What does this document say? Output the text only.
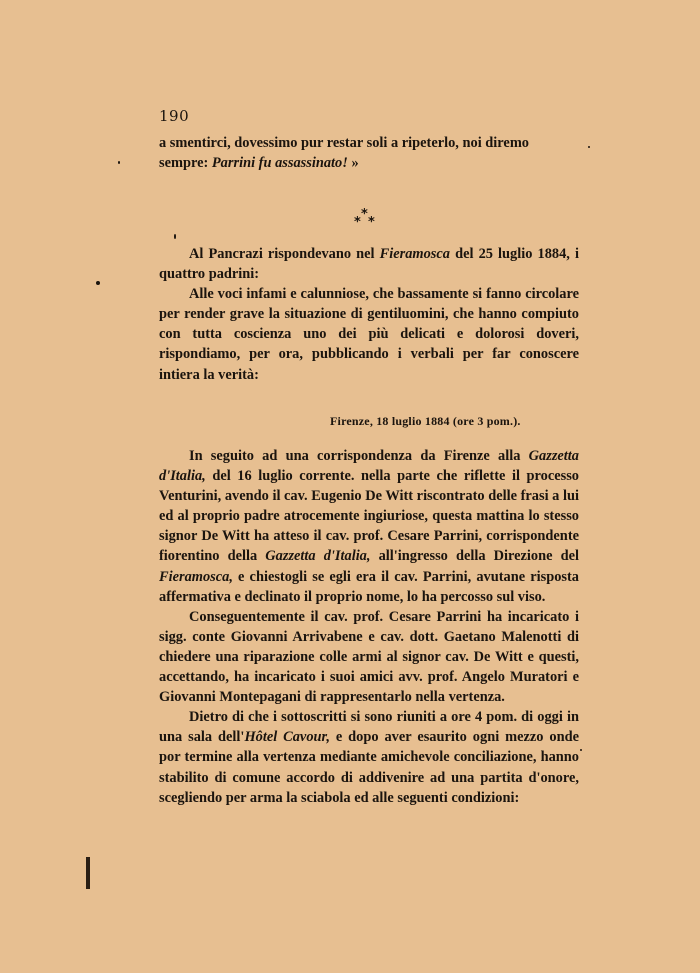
190

a smentirci, dovessimo pur restar soli a ripeterlo, noi diremo

sempre: Parrini fu assassinato! »

*
* *

Al Pancrazi rispondevano nel Fieramosca del 25 luglio 1884, i quattro padrini:

Alle voci infami e calunniose, che bassamente si fanno circolare per render grave la situazione di gentiluomini, che hanno compiuto con tutta coscienza uno dei più delicati e dolorosi doveri, rispondiamo, per ora, pubblicando i verbali per far conoscere intiera la verità:

Firenze, 18 luglio 1884 (ore 3 pom.).

In seguito ad una corrispondenza da Firenze alla Gazzetta d'Italia, del 16 luglio corrente. nella parte che riflette il processo Venturini, avendo il cav. Eugenio De Witt riscontrato delle frasi a lui ed al proprio padre atrocemente ingiuriose, questa mattina lo stesso signor De Witt ha atteso il cav. prof. Cesare Parrini, corrispondente fiorentino della Gazzetta d'Italia, all'ingresso della Direzione del Fieramosca, e chiestogli se egli era il cav. Parrini, avutane risposta affermativa e declinato il proprio nome, lo ha percosso sul viso.

Conseguentemente il cav. prof. Cesare Parrini ha incaricato i sigg. conte Giovanni Arrivabene e cav. dott. Gaetano Malenotti di chiedere una riparazione colle armi al signor cav. De Witt e questi, accettando, ha incaricato i suoi amici avv. prof. Angelo Muratori e Giovanni Montepagani di rappresentarlo nella vertenza.

Dietro di che i sottoscritti si sono riuniti a ore 4 pom. di oggi in una sala dell'Hôtel Cavour, e dopo aver esaurito ogni mezzo onde por termine alla vertenza mediante amichevole conciliazione, hanno stabilito di comune accordo di addivenire ad una partita d'onore, scegliendo per arma la sciabola ed alle seguenti condizioni:
